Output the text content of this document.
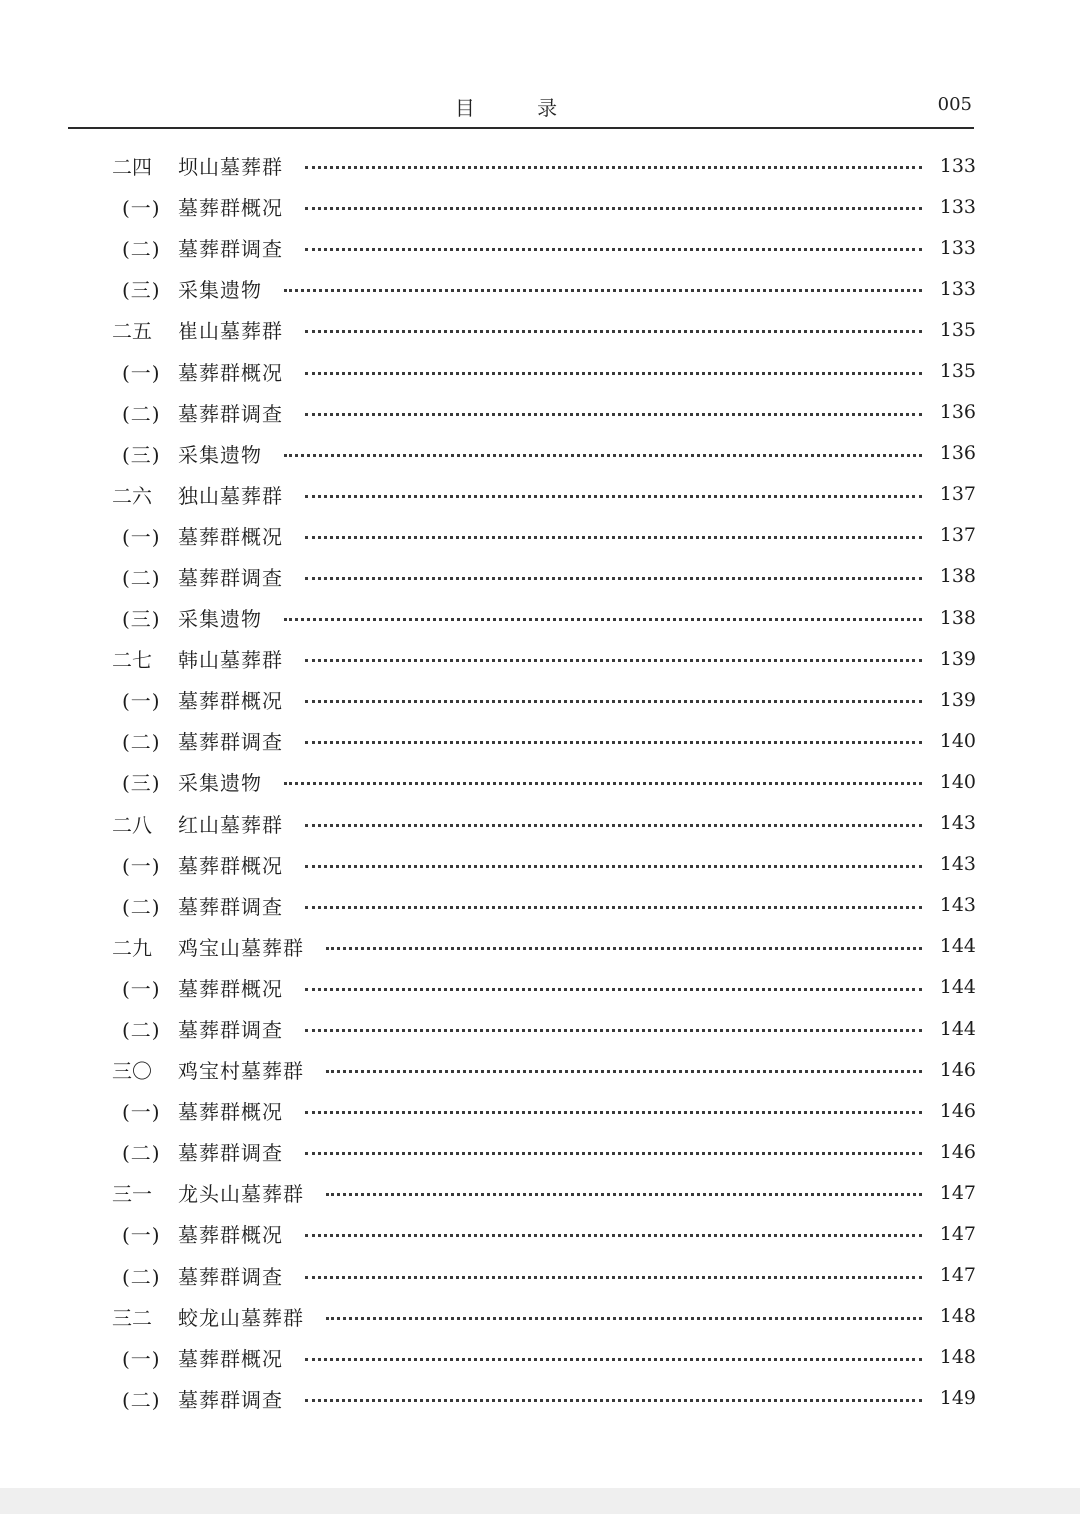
目 录	005
二四	坝山墓葬群	133
(一) 墓葬群概况	133
(二) 墓葬群调查	133
(三) 采集遗物	133
二五	崔山墓葬群	135
(一) 墓葬群概况	135
(二) 墓葬群调查	136
(三) 采集遗物	136
二六	独山墓葬群	137
(一) 墓葬群概况	137
(二) 墓葬群调查	138
(三) 采集遗物	138
二七	韩山墓葬群	139
(一) 墓葬群概况	139
(二) 墓葬群调查	140
(三) 采集遗物	140
二八	红山墓葬群	143
(一) 墓葬群概况	143
(二) 墓葬群调查	143
二九	鸡宝山墓葬群	144
(一) 墓葬群概况	144
(二) 墓葬群调查	144
三〇	鸡宝村墓葬群	146
(一) 墓葬群概况	146
(二) 墓葬群调查	146
三一	龙头山墓葬群	147
(一) 墓葬群概况	147
(二) 墓葬群调查	147
三二	蛟龙山墓葬群	148
(一) 墓葬群概况	148
(二) 墓葬群调查	149
